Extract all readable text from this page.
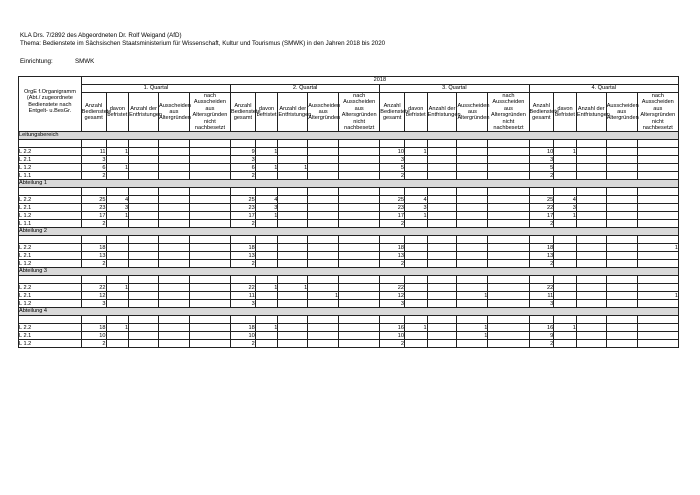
KLA Drs. 7/2892 des Abgeordneten Dr. Rolf Weigand (AfD)
Thema: Bedienstete im Sächsischen Staatsministerium für Wissenschaft, Kultur und Tourismus (SMWK) in den Jahren 2018 bis 2020
Einrichtung:	SMWK
OrgE f.Organigramm (Abt./ zugeordnete Bedienstete nach Entgelt- u.BesGr.	2018																			
	1. Quartal					2. Quartal					3. Quartal					4. Quartal				
	Anzahl Bedienstete gesamt	davon befristet	Anzahl der Entfristungen	Ausscheiden aus Altergründen	nach Ausscheiden aus Altersgründen nicht nachbesetzt	Anzahl Bedienstete gesamt	davon befristet	Anzahl der Entfristungen	Ausscheiden aus Altergründen	nach Ausscheiden aus Altersgründen nicht nachbesetzt	Anzahl Bedienstete gesamt	davon befristet	Anzahl der Entfristungen	Ausscheiden aus Altergründen	nach Ausscheiden aus Altersgründen nicht nachbesetzt	Anzahl Bedienstete gesamt	davon befristet	Anzahl der Entfristungen	Ausscheiden aus Altergründen	nach Ausscheiden aus Altersgründen nicht nachbesetzt
Leitungsbereich																				

L 2.2	11	1				9	1				10	1				10	1			
L 2.1	3					3					3					3				
L 1.2	6	1				6	1	1			5					5				
L 1.1	2					2					2					2				
Abteilung 1																				

L 2.2	25	4				25	4				25	4				25	4			
L 2.1	23	3				23	3				23	3				22	3			
L 1.2	17	1				17	1				17	1				17	1			
L 1.1	2					2					2					2				
Abteilung 2																				

L 2.2	18					18					18					18				1
L 2.1	13					13					13					13				
L 1.2	2					2					2					2				
Abteilung 3																				

L 2.2	22	1				22	1	1			22					22				
L 2.1	12					11			1		12			1		11				1
L 1.2	3					3					3					3				
Abteilung 4																				

L 2.2	18	1				18	1				16	1		1		16	1			
L 2.1	10					10					10			1		9				
L 1.2	2					2					2					2				
